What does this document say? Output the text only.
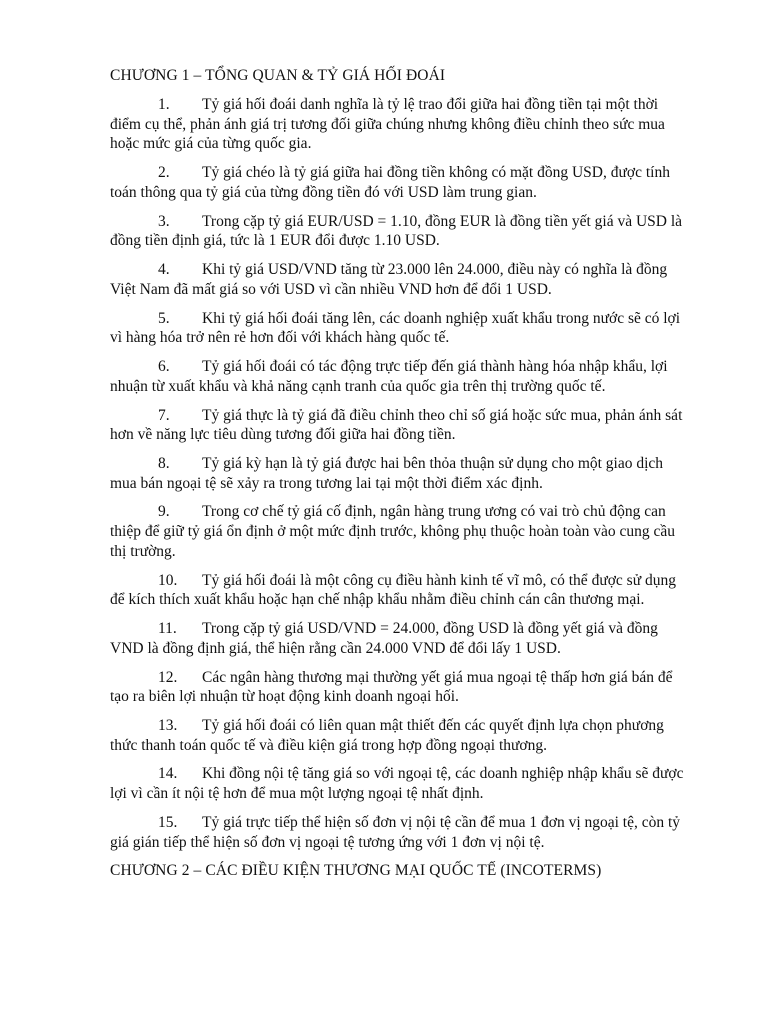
CHƯƠNG 1 – TỔNG QUAN & TỶ GIÁ HỐI ĐOÁI
1. Tỷ giá hối đoái danh nghĩa là tỷ lệ trao đổi giữa hai đồng tiền tại một thời điểm cụ thể, phản ánh giá trị tương đối giữa chúng nhưng không điều chỉnh theo sức mua hoặc mức giá của từng quốc gia.
2. Tỷ giá chéo là tỷ giá giữa hai đồng tiền không có mặt đồng USD, được tính toán thông qua tỷ giá của từng đồng tiền đó với USD làm trung gian.
3. Trong cặp tỷ giá EUR/USD = 1.10, đồng EUR là đồng tiền yết giá và USD là đồng tiền định giá, tức là 1 EUR đổi được 1.10 USD.
4. Khi tỷ giá USD/VND tăng từ 23.000 lên 24.000, điều này có nghĩa là đồng Việt Nam đã mất giá so với USD vì cần nhiều VND hơn để đổi 1 USD.
5. Khi tỷ giá hối đoái tăng lên, các doanh nghiệp xuất khẩu trong nước sẽ có lợi vì hàng hóa trở nên rẻ hơn đối với khách hàng quốc tế.
6. Tỷ giá hối đoái có tác động trực tiếp đến giá thành hàng hóa nhập khẩu, lợi nhuận từ xuất khẩu và khả năng cạnh tranh của quốc gia trên thị trường quốc tế.
7. Tỷ giá thực là tỷ giá đã điều chỉnh theo chỉ số giá hoặc sức mua, phản ánh sát hơn về năng lực tiêu dùng tương đối giữa hai đồng tiền.
8. Tỷ giá kỳ hạn là tỷ giá được hai bên thỏa thuận sử dụng cho một giao dịch mua bán ngoại tệ sẽ xảy ra trong tương lai tại một thời điểm xác định.
9. Trong cơ chế tỷ giá cố định, ngân hàng trung ương có vai trò chủ động can thiệp để giữ tỷ giá ổn định ở một mức định trước, không phụ thuộc hoàn toàn vào cung cầu thị trường.
10. Tỷ giá hối đoái là một công cụ điều hành kinh tế vĩ mô, có thể được sử dụng để kích thích xuất khẩu hoặc hạn chế nhập khẩu nhằm điều chỉnh cán cân thương mại.
11. Trong cặp tỷ giá USD/VND = 24.000, đồng USD là đồng yết giá và đồng VND là đồng định giá, thể hiện rằng cần 24.000 VND để đổi lấy 1 USD.
12. Các ngân hàng thương mại thường yết giá mua ngoại tệ thấp hơn giá bán để tạo ra biên lợi nhuận từ hoạt động kinh doanh ngoại hối.
13. Tỷ giá hối đoái có liên quan mật thiết đến các quyết định lựa chọn phương thức thanh toán quốc tế và điều kiện giá trong hợp đồng ngoại thương.
14. Khi đồng nội tệ tăng giá so với ngoại tệ, các doanh nghiệp nhập khẩu sẽ được lợi vì cần ít nội tệ hơn để mua một lượng ngoại tệ nhất định.
15. Tỷ giá trực tiếp thể hiện số đơn vị nội tệ cần để mua 1 đơn vị ngoại tệ, còn tỷ giá gián tiếp thể hiện số đơn vị ngoại tệ tương ứng với 1 đơn vị nội tệ.
CHƯƠNG 2 – CÁC ĐIỀU KIỆN THƯƠNG MẠI QUỐC TẾ (INCOTERMS)
